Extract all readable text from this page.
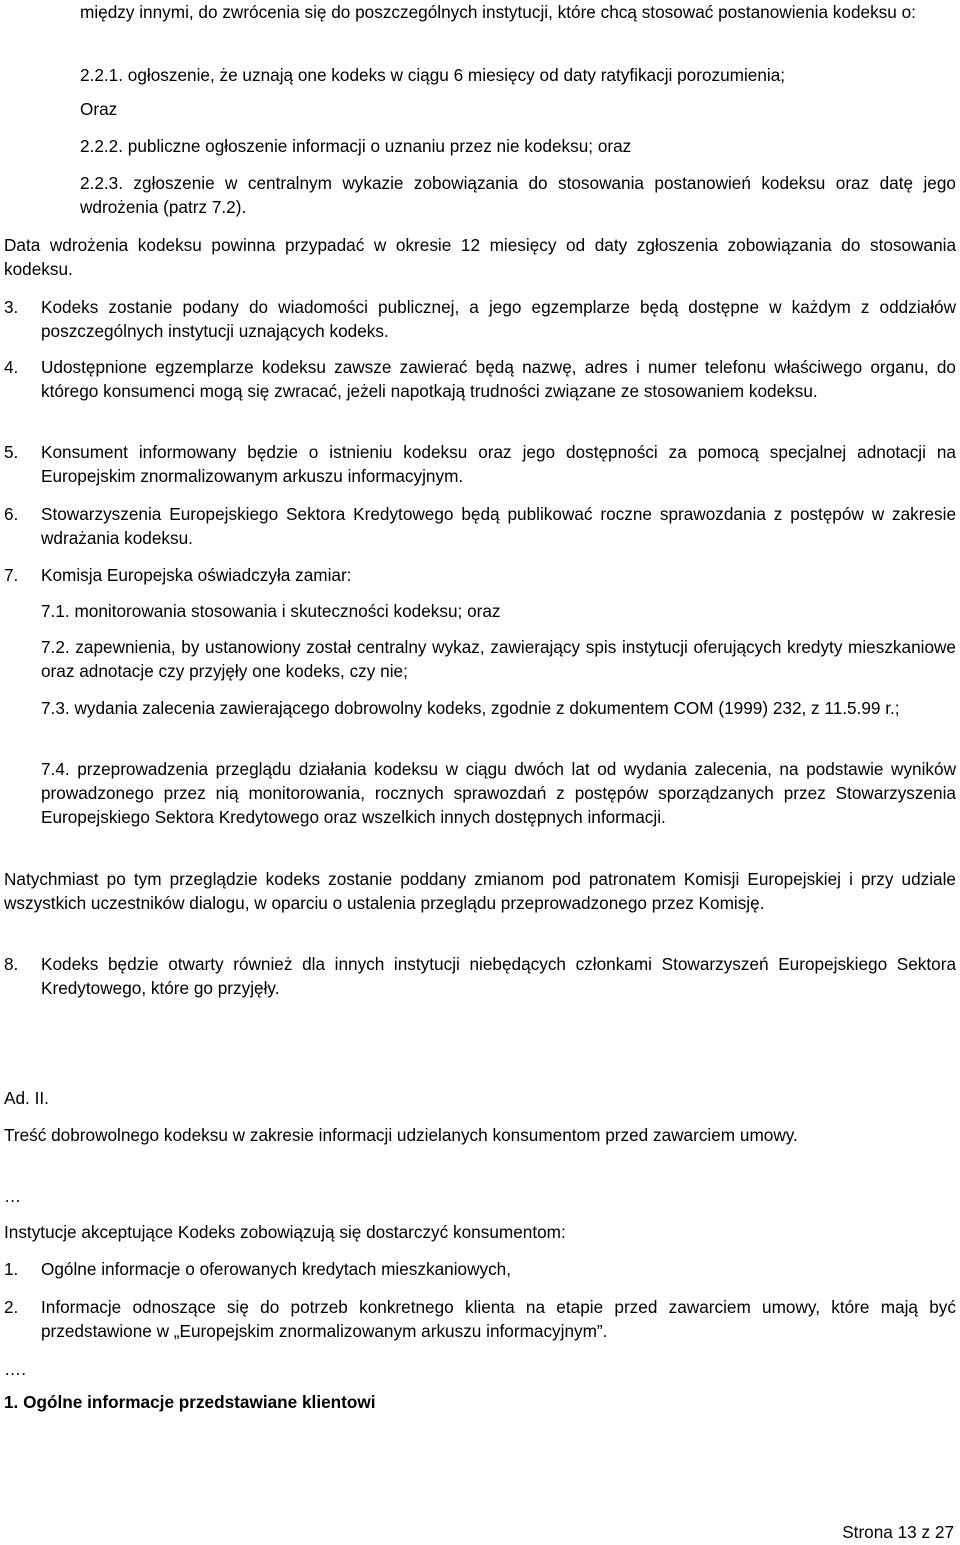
między innymi, do zwrócenia się do poszczególnych instytucji, które chcą stosować postanowienia kodeksu o:
2.2.1. ogłoszenie, że uznają one kodeks w ciągu 6 miesięcy od daty ratyfikacji porozumienia;
Oraz
2.2.2. publiczne ogłoszenie informacji o uznaniu przez nie kodeksu; oraz
2.2.3. zgłoszenie w centralnym wykazie zobowiązania do stosowania postanowień kodeksu oraz datę jego wdrożenia (patrz 7.2).
Data wdrożenia kodeksu powinna przypadać w okresie 12 miesięcy od daty zgłoszenia zobowiązania do stosowania kodeksu.
3.	Kodeks zostanie podany do wiadomości publicznej, a jego egzemplarze będą dostępne w każdym z oddziałów poszczególnych instytucji uznających kodeks.
4.	Udostępnione egzemplarze kodeksu zawsze zawierać będą nazwę, adres i numer telefonu właściwego organu, do którego konsumenci mogą się zwracać, jeżeli napotkają trudności związane ze stosowaniem kodeksu.
5.	Konsument informowany będzie o istnieniu kodeksu oraz jego dostępności za pomocą specjalnej adnotacji na Europejskim znormalizowanym arkuszu informacyjnym.
6.	Stowarzyszenia Europejskiego Sektora Kredytowego będą publikować roczne sprawozdania z postępów w zakresie wdrażania kodeksu.
7.	Komisja Europejska oświadczyła zamiar:
7.1. monitorowania stosowania i skuteczności kodeksu; oraz
7.2. zapewnienia, by ustanowiony został centralny wykaz, zawierający spis instytucji oferujących kredyty mieszkaniowe oraz adnotacje czy przyjęły one kodeks, czy nie;
7.3. wydania zalecenia zawierającego dobrowolny kodeks, zgodnie z dokumentem COM (1999) 232, z 11.5.99 r.;
7.4. przeprowadzenia przeglądu działania kodeksu w ciągu dwóch lat od wydania zalecenia, na podstawie wyników prowadzonego przez nią monitorowania, rocznych sprawozdań z postępów sporządzanych przez Stowarzyszenia Europejskiego Sektora Kredytowego oraz wszelkich innych dostępnych informacji.
Natychmiast po tym przeglądzie kodeks zostanie poddany zmianom pod patronatem Komisji Europejskiej i przy udziale wszystkich uczestników dialogu, w oparciu o ustalenia przeglądu przeprowadzonego przez Komisję.
8.	Kodeks będzie otwarty również dla innych instytucji niebędących członkami Stowarzyszeń Europejskiego Sektora Kredytowego, które go przyjęły.
Ad. II.
Treść dobrowolnego kodeksu w zakresie informacji udzielanych konsumentom przed zawarciem umowy.
…
Instytucje akceptujące Kodeks zobowiązują się dostarczyć konsumentom:
1.	Ogólne informacje o oferowanych kredytach mieszkaniowych,
2.	Informacje odnoszące się do potrzeb konkretnego klienta na etapie przed zawarciem umowy, które mają być przedstawione w „Europejskim znormalizowanym arkuszu informacyjnym”.
….
1. Ogólne informacje przedstawiane klientowi
Strona 13 z 27
